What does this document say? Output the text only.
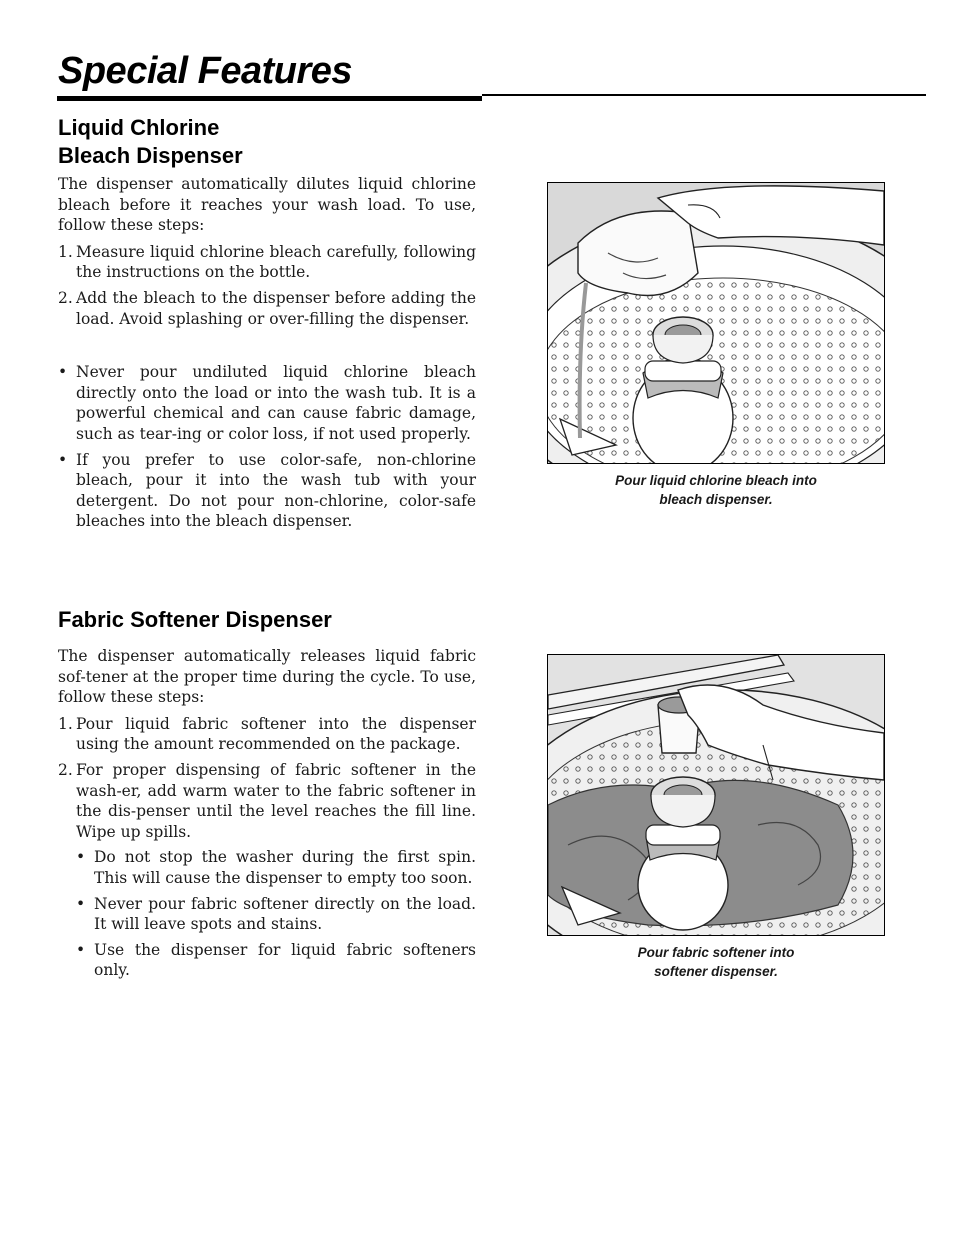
Special Features
Liquid Chlorine
Bleach Dispenser

The dispenser automatically dilutes liquid chlorine bleach before it reaches your wash load. To use, follow these steps:

1. Measure liquid chlorine bleach carefully, following the instructions on the bottle.
2. Add the bleach to the dispenser before adding the load. Avoid splashing or over-filling the dispenser.
• Never pour undiluted liquid chlorine bleach directly onto the load or into the wash tub. It is a powerful chemical and can cause fabric damage, such as tear-ing or color loss, if not used properly.
• If you prefer to use color-safe, non-chlorine bleach, pour it into the wash tub with your detergent. Do not pour non-chlorine, color-safe bleaches into the bleach dispenser.
Pour liquid chlorine bleach into
bleach dispenser.
Fabric Softener Dispenser

The dispenser automatically releases liquid fabric sof-tener at the proper time during the cycle. To use, follow these steps:

1. Pour liquid fabric softener into the dispenser using the amount recommended on the package.
2. For proper dispensing of fabric softener in the wash-er, add warm water to the fabric softener in the dis-penser until the level reaches the fill line. Wipe up spills.
• Do not stop the washer during the first spin. This will cause the dispenser to empty too soon.
• Never pour fabric softener directly on the load. It will leave spots and stains.
• Use the dispenser for liquid fabric softeners only.
Pour fabric softener into
softener dispenser.
